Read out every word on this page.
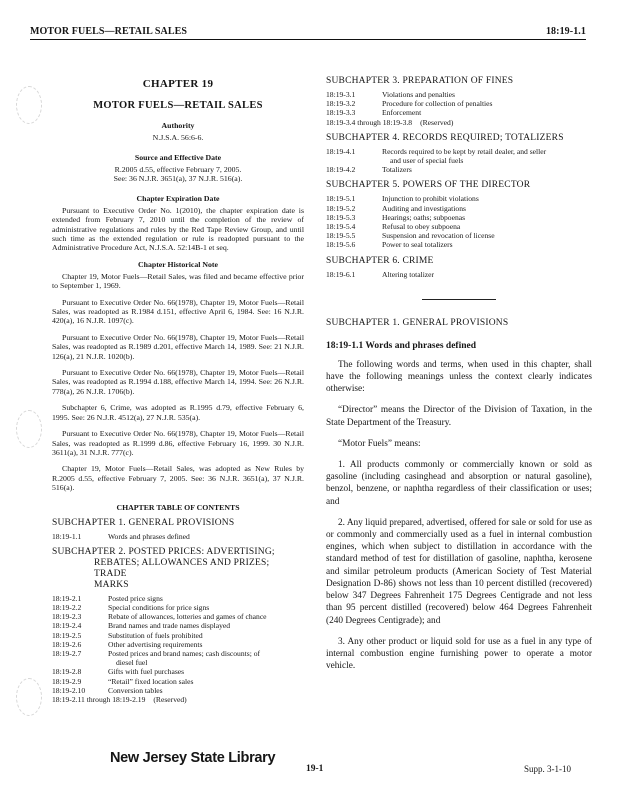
MOTOR FUELS—RETAIL SALES	18:19-1.1
CHAPTER 19
MOTOR FUELS—RETAIL SALES
Authority
N.J.S.A. 56:6-6.
Source and Effective Date
R.2005 d.55, effective February 7, 2005.
See: 36 N.J.R. 3651(a), 37 N.J.R. 516(a).
Chapter Expiration Date
Pursuant to Executive Order No. 1(2010), the chapter expiration date is extended from February 7, 2010 until the completion of the review of administrative regulations and rules by the Red Tape Review Group, and until such time as the extended regulation or rule is readopted pursuant to the Administrative Procedure Act, N.J.S.A. 52:14B-1 et seq.
Chapter Historical Note
Chapter 19, Motor Fuels—Retail Sales, was filed and became effective prior to September 1, 1969.
Pursuant to Executive Order No. 66(1978), Chapter 19, Motor Fuels—Retail Sales, was readopted as R.1984 d.151, effective April 6, 1984. See: 16 N.J.R. 420(a), 16 N.J.R. 1097(c).
Pursuant to Executive Order No. 66(1978), Chapter 19, Motor Fuels—Retail Sales, was readopted as R.1989 d.201, effective March 14, 1989. See: 21 N.J.R. 126(a), 21 N.J.R. 1020(b).
Pursuant to Executive Order No. 66(1978), Chapter 19, Motor Fuels—Retail Sales, was readopted as R.1994 d.188, effective March 14, 1994. See: 26 N.J.R. 778(a), 26 N.J.R. 1706(b).
Subchapter 6, Crime, was adopted as R.1995 d.79, effective February 6, 1995. See: 26 N.J.R. 4512(a), 27 N.J.R. 535(a).
Pursuant to Executive Order No. 66(1978), Chapter 19, Motor Fuels—Retail Sales, was readopted as R.1999 d.86, effective February 16, 1999. 30 N.J.R. 3611(a), 31 N.J.R. 777(c).
Chapter 19, Motor Fuels—Retail Sales, was adopted as New Rules by R.2005 d.55, effective February 7, 2005. See: 36 N.J.R. 3651(a), 37 N.J.R. 516(a).
CHAPTER TABLE OF CONTENTS
SUBCHAPTER 1. GENERAL PROVISIONS
18:19-1.1	Words and phrases defined
SUBCHAPTER 2. POSTED PRICES: ADVERTISING;
REBATES; ALLOWANCES AND PRIZES; TRADE
MARKS
18:19-2.1	Posted price signs
18:19-2.2	Special conditions for price signs
18:19-2.3	Rebate of allowances, lotteries and games of chance
18:19-2.4	Brand names and trade names displayed
18:19-2.5	Substitution of fuels prohibited
18:19-2.6	Other advertising requirements
18:19-2.7	Posted prices and brand names; cash discounts; of
diesel fuel
18:19-2.8	Gifts with fuel purchases
18:19-2.9	“Retail” fixed location sales
18:19-2.10	Conversion tables
18:19-2.11 through 18:19-2.19 (Reserved)
SUBCHAPTER 3. PREPARATION OF FINES
18:19-3.1	Violations and penalties
18:19-3.2	Procedure for collection of penalties
18:19-3.3	Enforcement
18:19-3.4 through 18:19-3.8 (Reserved)
SUBCHAPTER 4. RECORDS REQUIRED; TOTALIZERS
18:19-4.1	Records required to be kept by retail dealer, and seller
and user of special fuels
18:19-4.2	Totalizers
SUBCHAPTER 5. POWERS OF THE DIRECTOR
18:19-5.1	Injunction to prohibit violations
18:19-5.2	Auditing and investigations
18:19-5.3	Hearings; oaths; subpoenas
18:19-5.4	Refusal to obey subpoena
18:19-5.5	Suspension and revocation of license
18:19-5.6	Power to seal totalizers
SUBCHAPTER 6. CRIME
18:19-6.1	Altering totalizer
SUBCHAPTER 1. GENERAL PROVISIONS
18:19-1.1 Words and phrases defined
The following words and terms, when used in this chapter, shall have the following meanings unless the context clearly indicates otherwise:
“Director” means the Director of the Division of Taxation, in the State Department of the Treasury.
“Motor Fuels” means:
1. All products commonly or commercially known or sold as gasoline (including casinghead and absorption or natural gasoline), benzol, benzene, or naphtha regardless of their classification or uses; and
2. Any liquid prepared, advertised, offered for sale or sold for use as or commonly and commercially used as a fuel in internal combustion engines, which when subject to distillation in accordance with the standard method of test for distillation of gasoline, naphtha, kerosene and similar petroleum products (American Society of Test Material Designation D-86) shows not less than 10 percent distilled (recovered) below 347 Degrees Fahrenheit 175 Degrees Centigrade and not less than 95 percent distilled (recovered) below 464 Degrees Fahrenheit (240 Degrees Centigrade); and
3. Any other product or liquid sold for use as a fuel in any type of internal combustion engine furnishing power to operate a motor vehicle.
New Jersey State Library
19-1	Supp. 3-1-10
